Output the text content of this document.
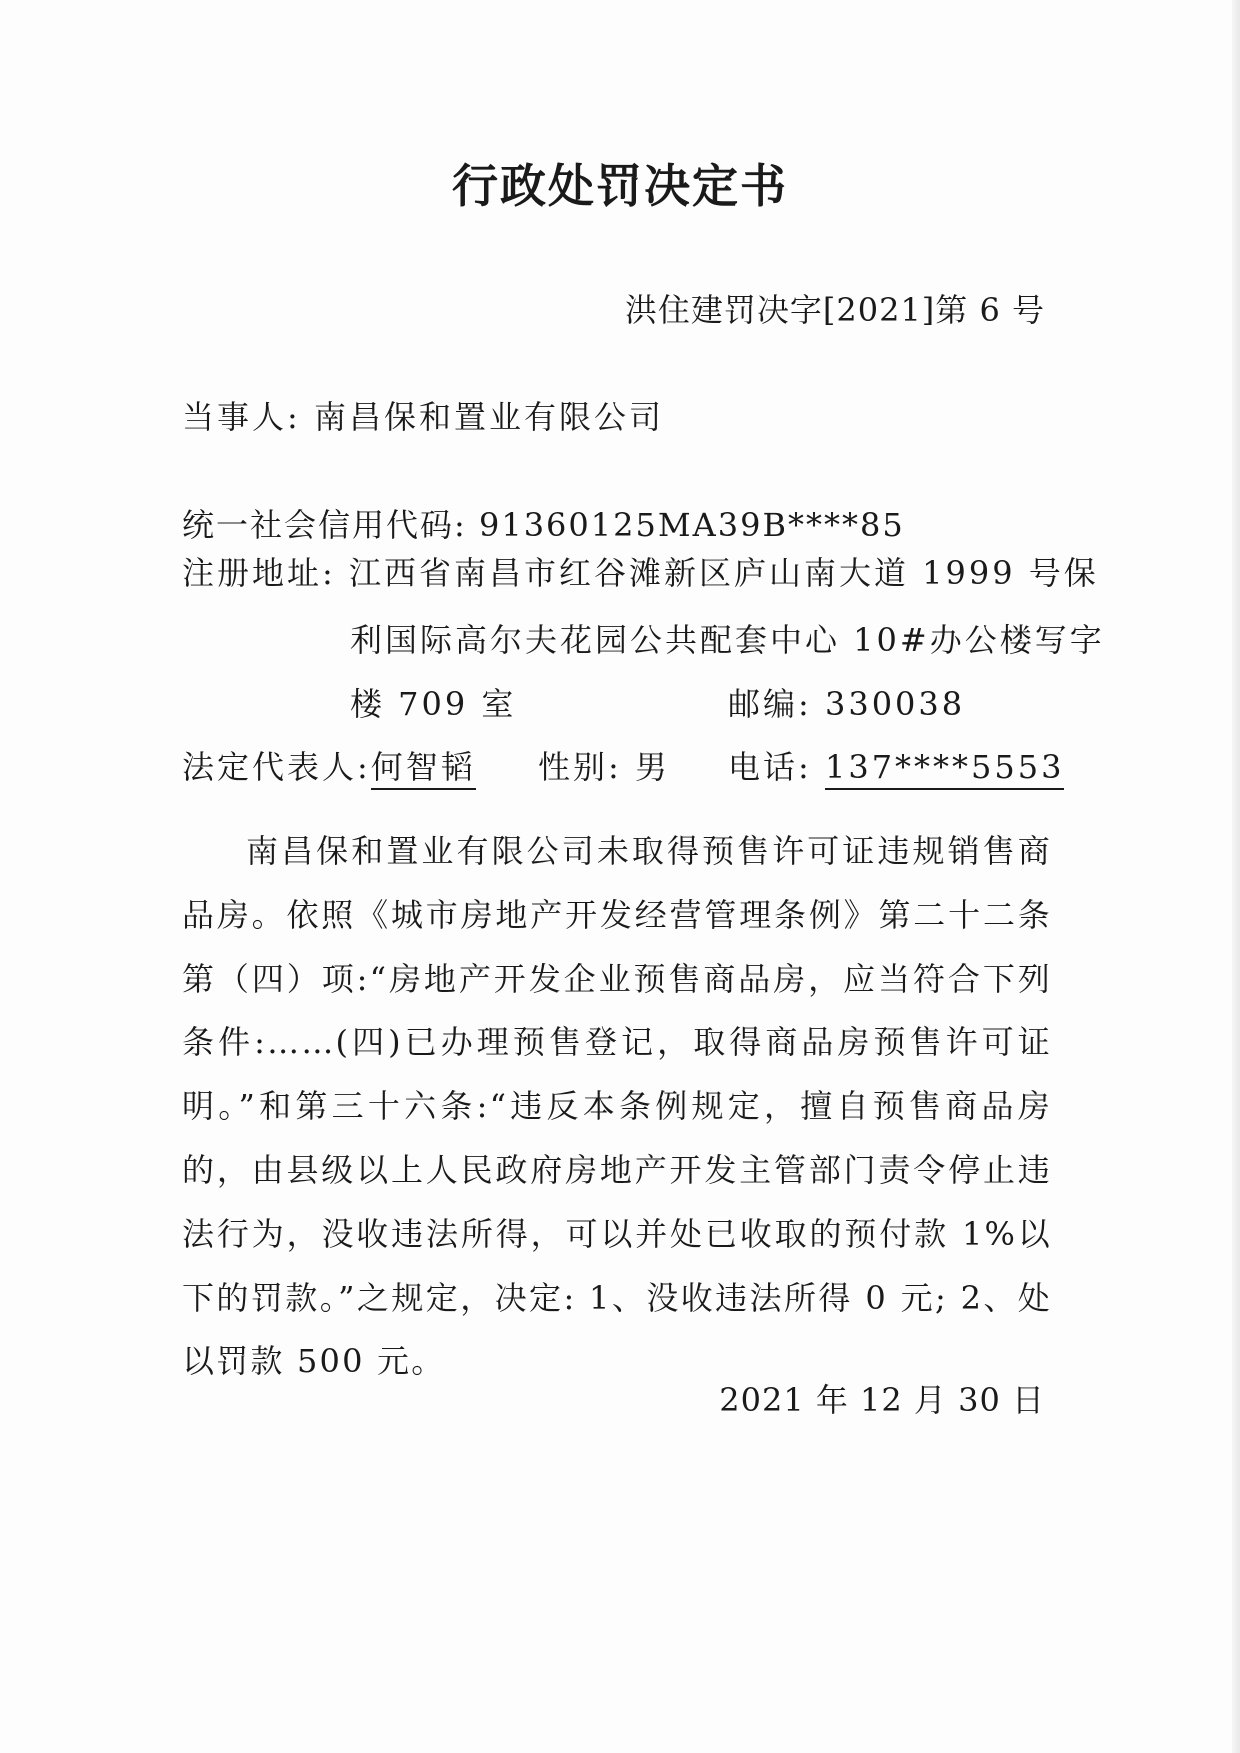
行政处罚决定书
洪住建罚决字[2021]第 6 号
当事人: 南昌保和置业有限公司
统一社会信用代码: 91360125MA39B****85
注册地址: 江西省南昌市红谷滩新区庐山南大道 1999 号保
利国际高尔夫花园公共配套中心 10#办公楼写字
楼 709 室	邮编: 330038
法定代表人:何智韬 性别: 男 电话: 137****5553
南昌保和置业有限公司未取得预售许可证违规销售商品房。依照《城市房地产开发经营管理条例》第二十二条第（四）项:“房地产开发企业预售商品房，应当符合下列条件:……(四)已办理预售登记，取得商品房预售许可证明。”和第三十六条:“违反本条例规定，擅自预售商品房的，由县级以上人民政府房地产开发主管部门责令停止违法行为，没收违法所得，可以并处已收取的预付款 1%以下的罚款。”之规定，决定: 1、没收违法所得 0 元; 2、处以罚款 500 元。
2021 年 12 月 30 日
